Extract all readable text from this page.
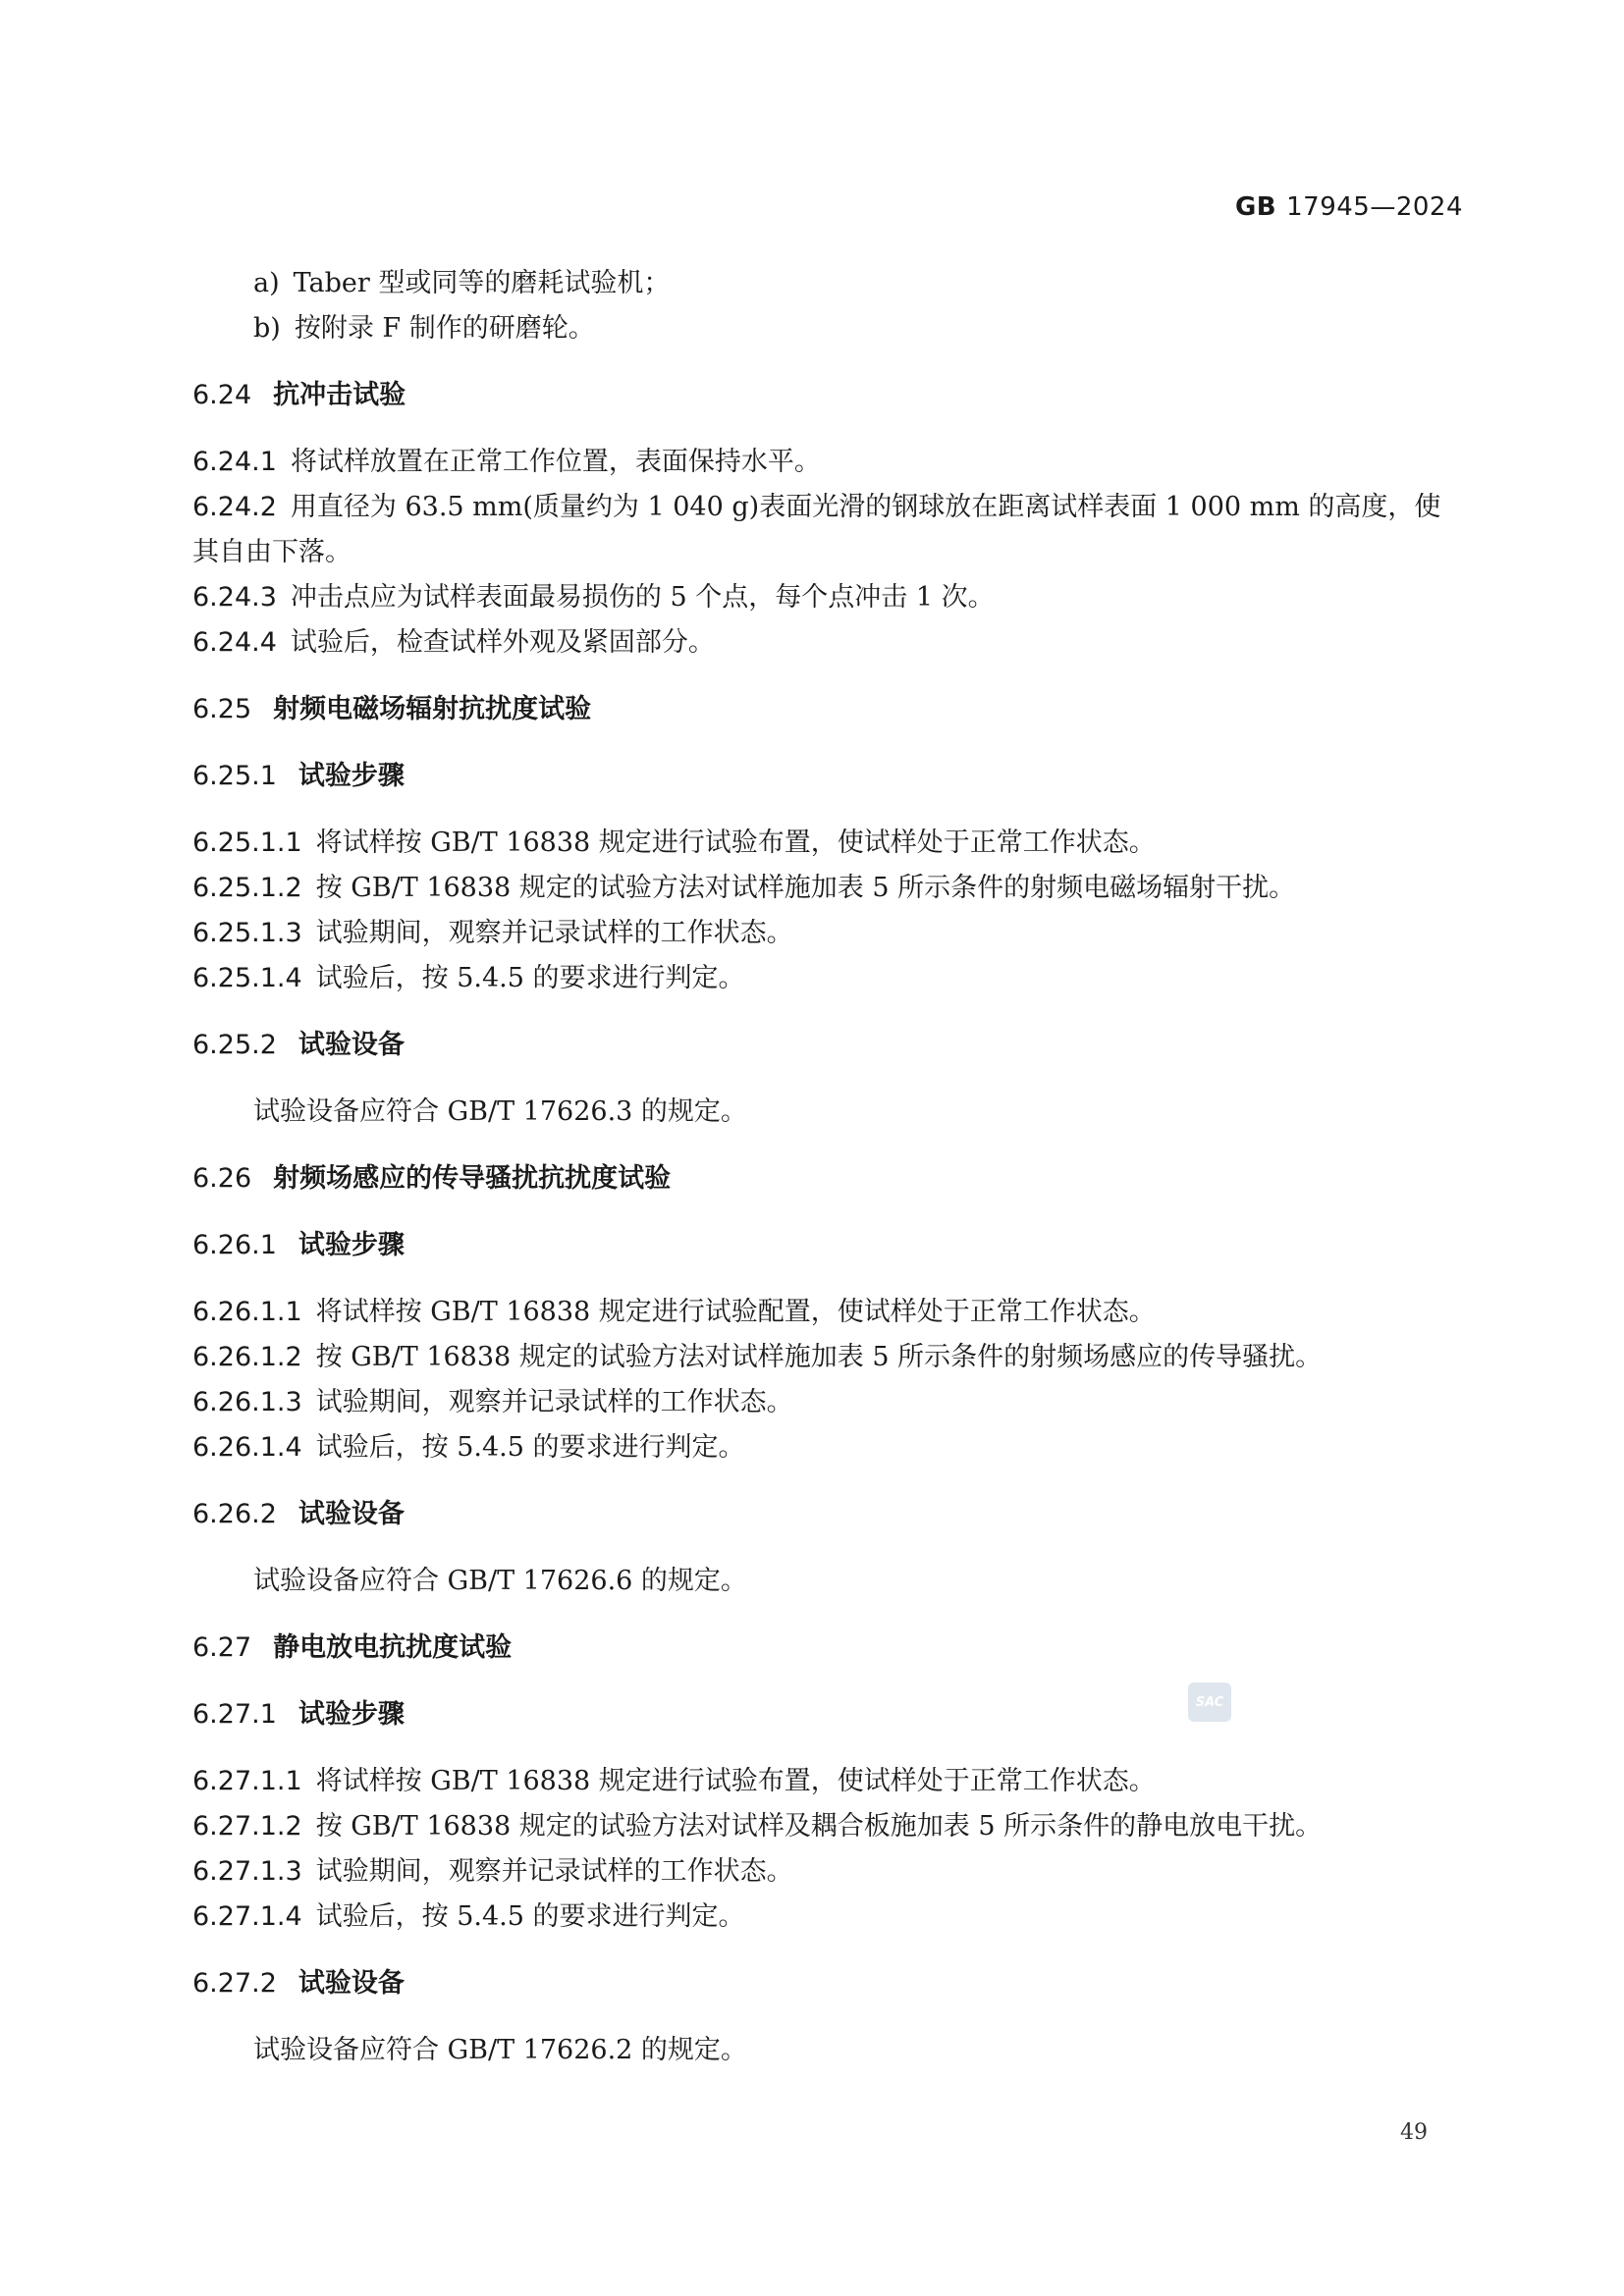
GB 17945—2024
a) Taber 型或同等的磨耗试验机；
b) 按附录 F 制作的研磨轮。
6.24 抗冲击试验
6.24.1 将试样放置在正常工作位置，表面保持水平。
6.24.2 用直径为 63.5 mm(质量约为 1 040 g)表面光滑的钢球放在距离试样表面 1 000 mm 的高度，使
其自由下落。
6.24.3 冲击点应为试样表面最易损伤的 5 个点，每个点冲击 1 次。
6.24.4 试验后，检查试样外观及紧固部分。
6.25 射频电磁场辐射抗扰度试验
6.25.1 试验步骤
6.25.1.1 将试样按 GB/T 16838 规定进行试验布置，使试样处于正常工作状态。
6.25.1.2 按 GB/T 16838 规定的试验方法对试样施加表 5 所示条件的射频电磁场辐射干扰。
6.25.1.3 试验期间，观察并记录试样的工作状态。
6.25.1.4 试验后，按 5.4.5 的要求进行判定。
6.25.2 试验设备
试验设备应符合 GB/T 17626.3 的规定。
6.26 射频场感应的传导骚扰抗扰度试验
6.26.1 试验步骤
6.26.1.1 将试样按 GB/T 16838 规定进行试验配置，使试样处于正常工作状态。
6.26.1.2 按 GB/T 16838 规定的试验方法对试样施加表 5 所示条件的射频场感应的传导骚扰。
6.26.1.3 试验期间，观察并记录试样的工作状态。
6.26.1.4 试验后，按 5.4.5 的要求进行判定。
6.26.2 试验设备
试验设备应符合 GB/T 17626.6 的规定。
6.27 静电放电抗扰度试验
6.27.1 试验步骤
6.27.1.1 将试样按 GB/T 16838 规定进行试验布置，使试样处于正常工作状态。
6.27.1.2 按 GB/T 16838 规定的试验方法对试样及耦合板施加表 5 所示条件的静电放电干扰。
6.27.1.3 试验期间，观察并记录试样的工作状态。
6.27.1.4 试验后，按 5.4.5 的要求进行判定。
6.27.2 试验设备
试验设备应符合 GB/T 17626.2 的规定。
SAC
49
